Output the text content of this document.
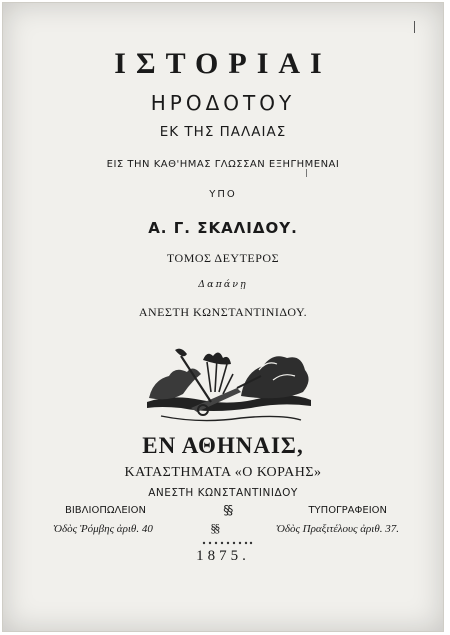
ΙΣΤΟΡΙΑΙ
ΗΡΟΔΟΤΟΥ
ΕΚ ΤΗΣ ΠΑΛΑΙΑΣ
ΕΙΣ ΤΗΝ ΚΑΘ'ΗΜΑΣ ΓΛΩΣΣΑΝ ΕΞΗΓΗΜΕΝΑΙ
ΥΠΟ
Α. Γ. ΣΚΑΛΙΔΟΥ.
ΤΟΜΟΣ ΔΕΥΤΕΡΟΣ
Δαπάνῃ
ΑΝΕΣΤΗ ΚΩΝΣΤΑΝΤΙΝΙΔΟΥ.
ΕΝ ΑΘΗΝΑΙΣ,
ΚΑΤΑΣΤΗΜΑΤΑ «Ο ΚΟΡΑΗΣ»
ΑΝΕΣΤΗ ΚΩΝΣΤΑΝΤΙΝΙΔΟΥ
ΒΙΒΛΙΟΠΩΛΕΙΟΝ	§§	ΤΥΠΟΓΡΑΦΕΙΟΝ
Ὁδὸς Ῥόμβης ἀριθ. 40	§§	Ὁδὸς Πραξιτέλους ἀριθ. 37.
1875.
